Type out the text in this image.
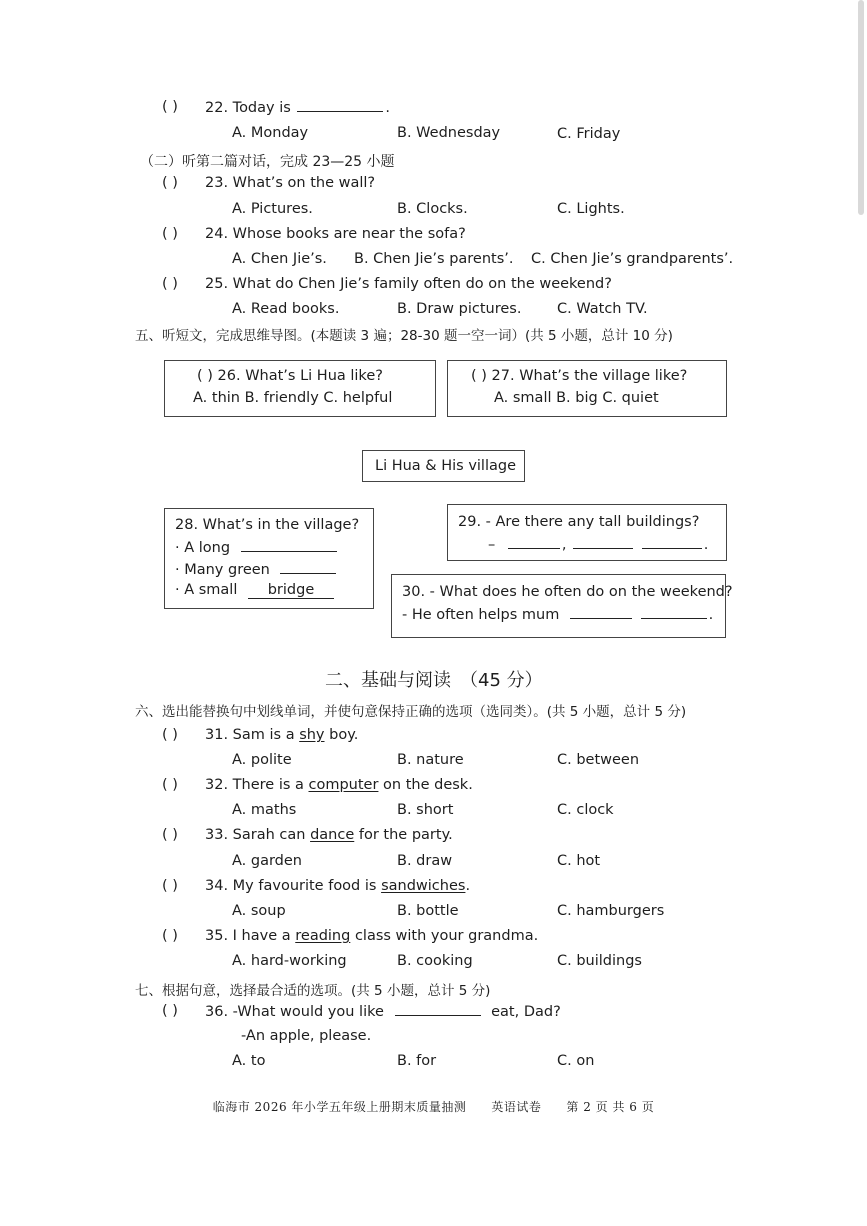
( ) 22. Today is	.
A. Monday	B. Wednesday	C. Friday
（二）听第二篇对话，完成 23—25 小题
( ) 23. What’s on the wall?
A. Pictures.	B. Clocks.	C. Lights.
( ) 24. Whose books are near the sofa?
A. Chen Jie’s. B. Chen Jie’s parents’. C. Chen Jie’s grandparents’.
( ) 25. What do Chen Jie’s family often do on the weekend?
A. Read books.	B. Draw pictures. C. Watch TV.
五、听短文，完成思维导图。(本题读 3 遍；28-30 题一空一词）(共 5 小题，总计 10 分)
( ) 26. What’s Li Hua like?
A. thin B. friendly C. helpful
( ) 27. What’s the village like?
A. small B. big C. quiet
Li Hua & His village
28. What’s in the village?
· A long
· Many green
· A small bridge
29. - Are there any tall buildings?
–	,	.
30. - What does he often do on the weekend?
- He often helps mum	.
二、基础与阅读　（45 分）
六、选出能替换句中划线单词，并使句意保持正确的选项（选同类）。(共 5 小题，总计 5 分)
( ) 31. Sam is a shy boy.
A. polite	B. nature	C. between
( ) 32. There is a computer on the desk.
A. maths	B. short	C. clock
( ) 33. Sarah can dance for the party.
A. garden	B. draw	C. hot
( ) 34. My favourite food is sandwiches.
A. soup	B. bottle	C. hamburgers
( ) 35. I have a reading class with your grandma.
A. hard-working	B. cooking	C. buildings
七、根据句意，选择最合适的选项。(共 5 小题，总计 5 分)
( ) 36. -What would you like	eat, Dad?
-An apple, please.
A. to	B. for	C. on
临海市 2026 年小学五年级上册期末质量抽测　　英语试卷　　第 2 页 共 6 页
